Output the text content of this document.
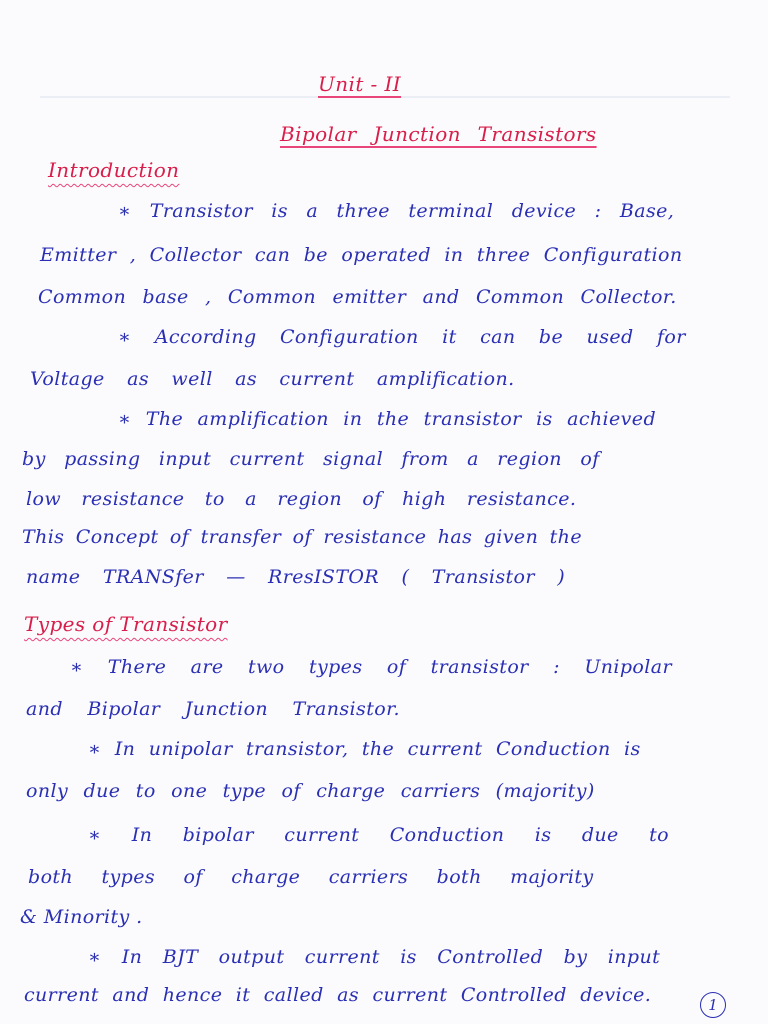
Unit - II
Bipolar Junction Transistors
Introduction
∗ Transistor is a three terminal device : Base,
Emitter , Collector can be operated in three Configuration
Common base , Common emitter and Common Collector.
∗ According Configuration it can be used for
Voltage as well as current amplification.
∗ The amplification in the transistor is achieved
by passing input current signal from a region of
low resistance to a region of high resistance.
This Concept of transfer of resistance has given the
name TRANSfer — RresISTOR ( Transistor )
Types of Transistor
∗ There are two types of transistor : Unipolar
and Bipolar Junction Transistor.
∗ In unipolar transistor, the current Conduction is
only due to one type of charge carriers (majority)
∗ In bipolar current Conduction is due to
both types of charge carriers both majority
& Minority .
∗ In BJT output current is Controlled by input
current and hence it called as current Controlled device.	1
